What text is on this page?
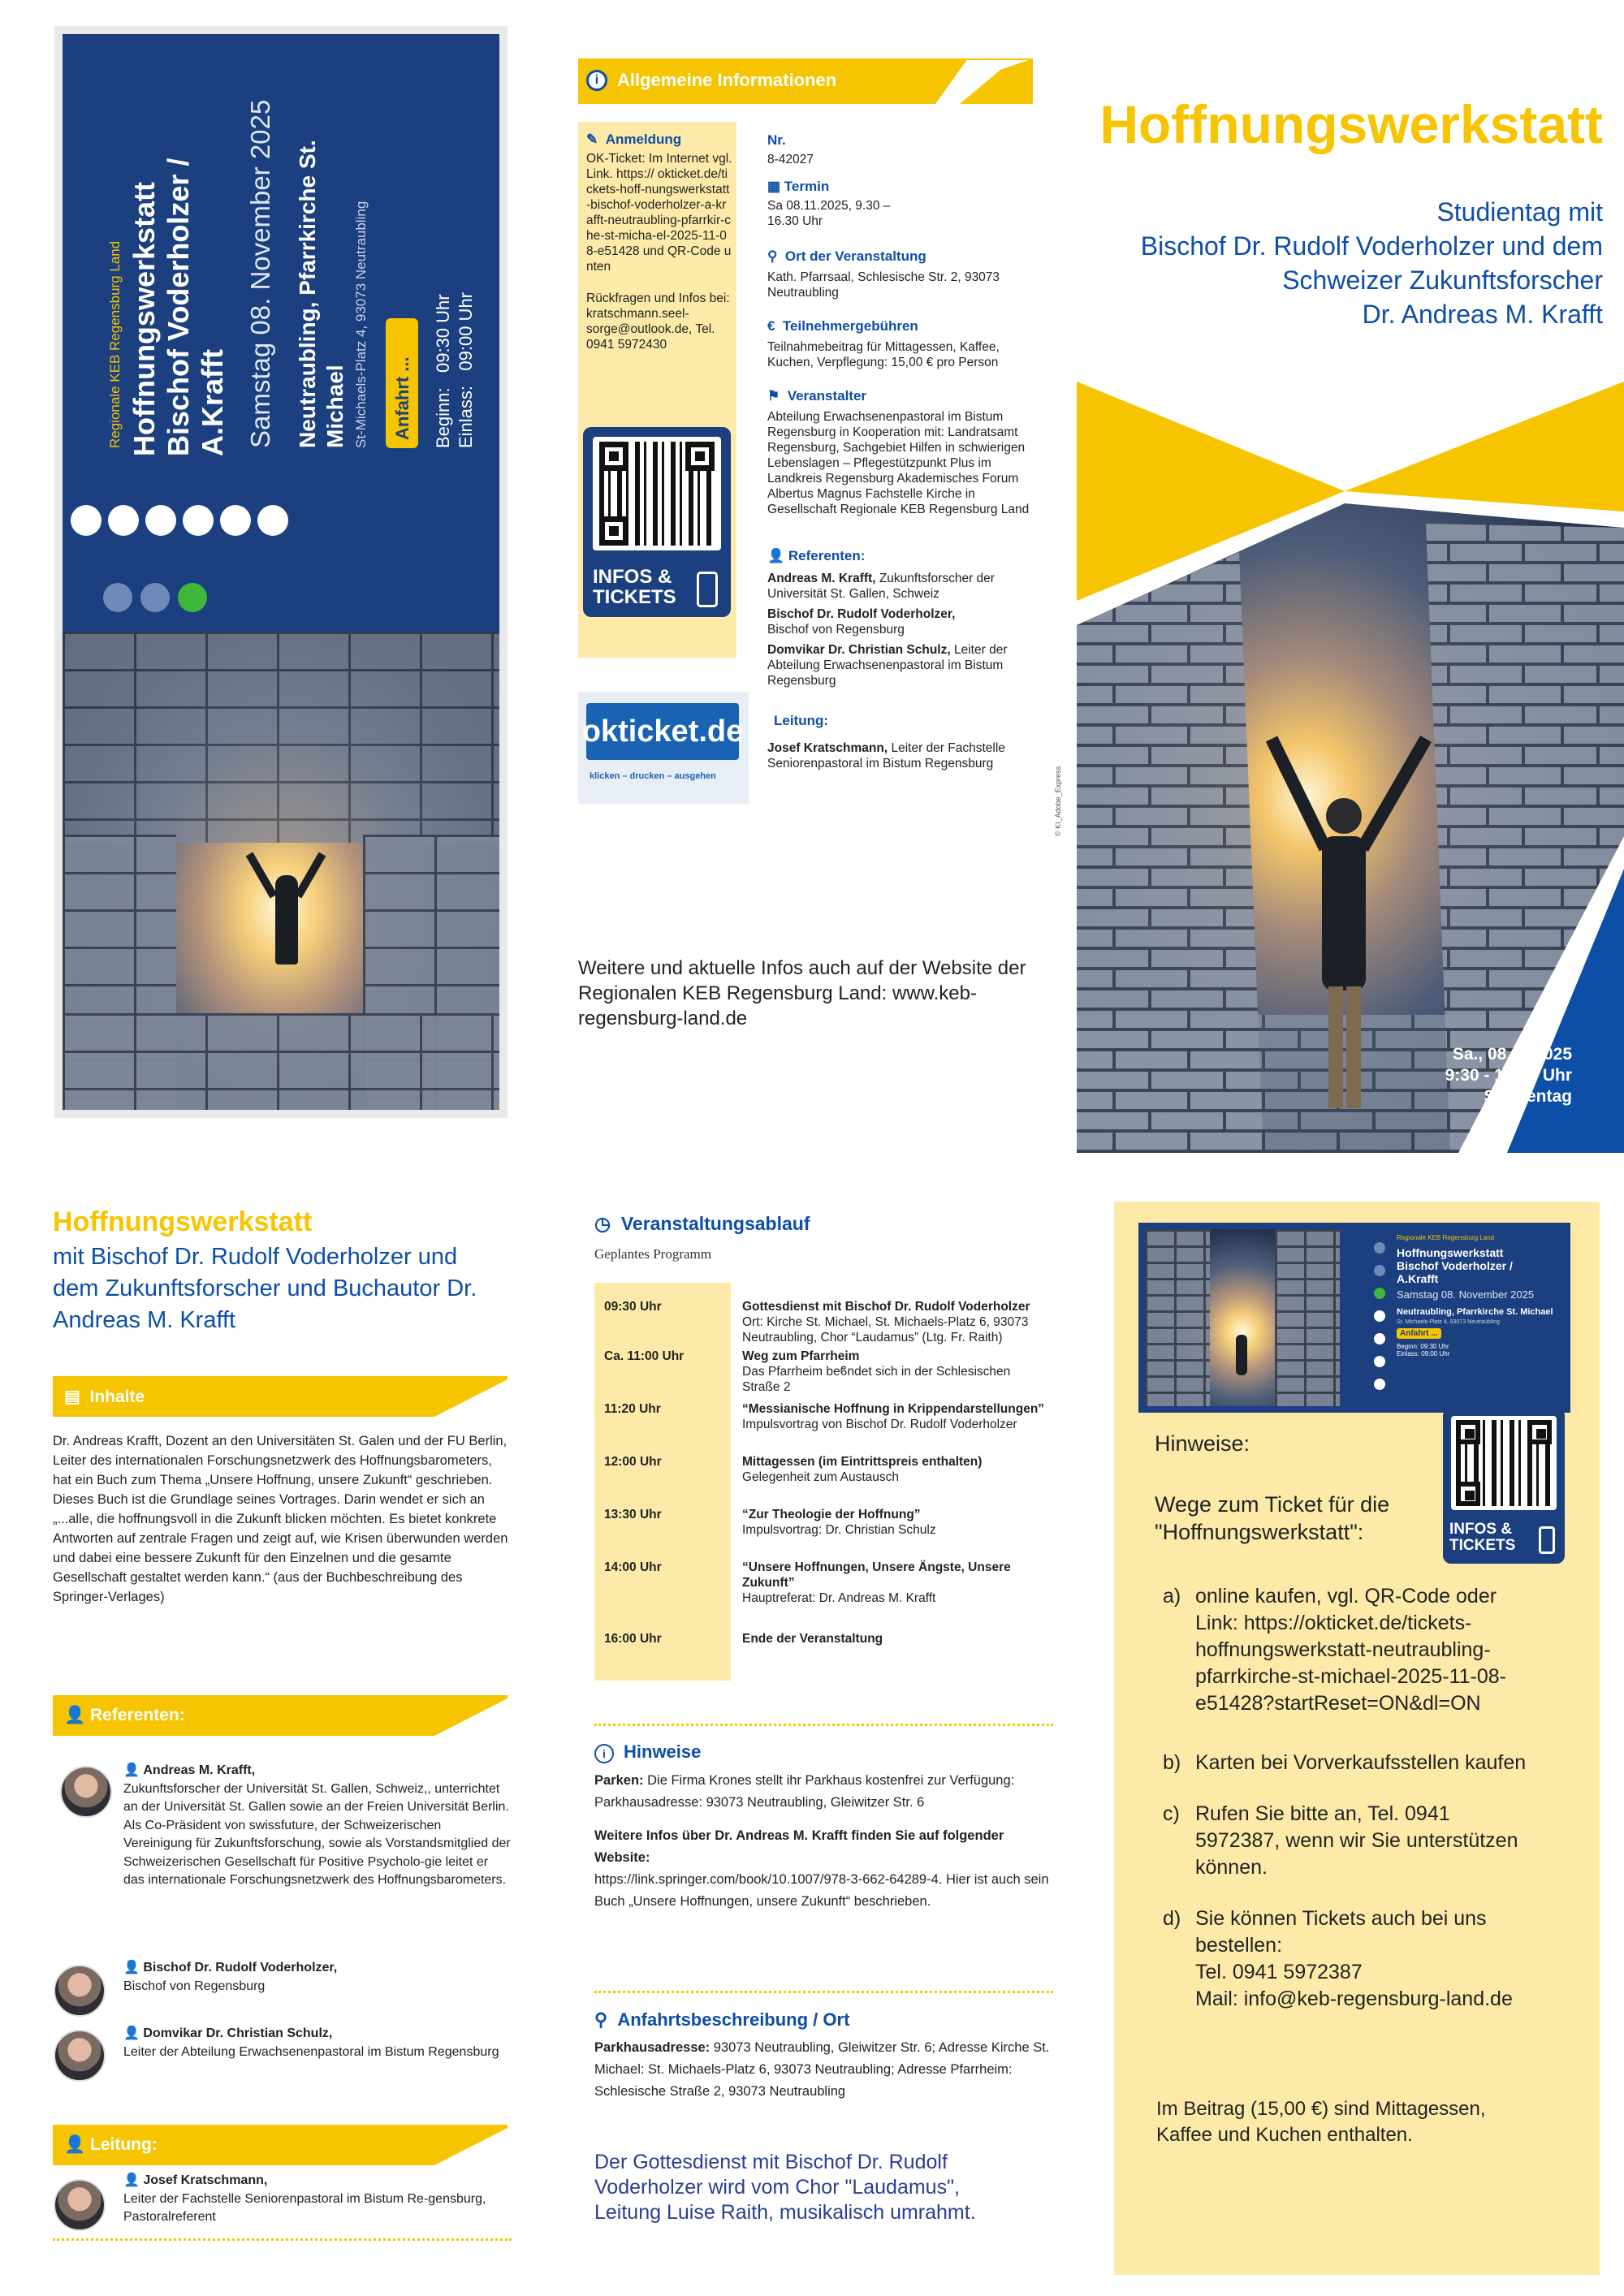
Regionale KEB Regensburg Land Hoffnungswerkstatt Bischof Voderholzer / A.Krafft Samstag 08. November 2025 Neutraubling, Pfarrkirche St. Michael St-Michaels-Platz 4, 93073 Neutraubling Anfahrt ... Beginn:   09:30 Uhr
Einlass:   09:00 Uhr
i	Allgemeine Informationen
✎ Anmeldung
OK-Ticket: Im Internet vgl. Link. https:// okticket.de/tickets-hoff-nungswerkstatt-bischof-voderholzer-a-krafft-neutraubling-pfarrkir-che-st-micha-el-2025-11-08-e51428 und QR-Code unten
Rückfragen und Infos bei: kratschmann.seel-sorge@outlook.de, Tel. 0941 5972430
INFOS &
TICKETS
okticket.de
klicken – drucken – ausgehen
Nr.
8-42027
▦ Termin
Sa 08.11.2025, 9.30 – 16.30 Uhr
⚲ Ort der Veranstaltung
Kath. Pfarrsaal, Schlesische Str. 2, 93073 Neutraubling
€ Teilnehmergebühren
Teilnahmebeitrag für Mittagessen, Kaffee, Kuchen, Verpflegung: 15,00 € pro Person
⚑ Veranstalter
Abteilung Erwachsenenpastoral im Bistum Regensburg in Kooperation mit: Landratsamt Regensburg, Sachgebiet Hilfen in schwierigen Lebenslagen – Pflegestützpunkt Plus im Landkreis Regensburg Akademisches Forum Albertus Magnus Fachstelle Kirche in Gesellschaft Regionale KEB Regensburg Land
👤 Referenten:
Andreas M. Krafft, Zukunftsforscher der Universität St. Gallen, Schweiz
Bischof Dr. Rudolf Voderholzer,
Bischof von Regensburg
Domvikar Dr. Christian Schulz, Leiter der Abteilung Erwachsenenpastoral im Bistum Regensburg
Leitung:
Josef Kratschmann, Leiter der Fachstelle Seniorenpastoral im Bistum Regensburg
© KI_Adobe_Express
Weitere und aktuelle Infos auch auf der Website der Regionalen KEB Regensburg Land: www.keb-regensburg-land.de
Hoffnungswerkstatt
Studientag mit
Bischof Dr. Rudolf Voderholzer und dem
Schweizer Zukunftsforscher
Dr. Andreas M. Krafft
Sa., 08.11.2025
9:30 - 16:30 Uhr
Studientag
Hoffnungswerkstatt
mit Bischof Dr. Rudolf Voderholzer und dem Zukunftsforscher und Buchautor Dr. Andreas M. Krafft
▤ Inhalte
Dr. Andreas Krafft, Dozent an den Universitäten St. Galen und der FU Berlin, Leiter des internationalen Forschungsnetzwerk des Hoffnungsbarometers, hat ein Buch zum Thema „Unsere Hoffnung, unsere Zukunft“ geschrieben. Dieses Buch ist die Grundlage seines Vortrages. Darin wendet er sich an „...alle, die hoffnungsvoll in die Zukunft blicken möchten. Es bietet konkrete Antworten auf zentrale Fragen und zeigt auf, wie Krisen überwunden werden und dabei eine bessere Zukunft für den Einzelnen und die gesamte Gesellschaft gestaltet werden kann.“ (aus der Buchbeschreibung des Springer-Verlages)
👤 Referenten:
👤 Andreas M. Krafft,
Zukunftsforscher der Universität St. Gallen, Schweiz,, unterrichtet an der Universität St. Gallen sowie an der Freien Universität Berlin. Als Co-Präsident von swissfuture, der Schweizerischen Vereinigung für Zukunftsforschung, sowie als Vorstandsmitglied der Schweizerischen Gesellschaft für Positive Psycholo-gie leitet er das internationale Forschungsnetzwerk des Hoffnungsbarometers.
👤 Bischof Dr. Rudolf Voderholzer,
Bischof von Regensburg
👤 Domvikar Dr. Christian Schulz,
Leiter der Abteilung Erwachsenenpastoral im Bistum Regensburg
👤 Leitung:
👤 Josef Kratschmann,
Leiter der Fachstelle Seniorenpastoral im Bistum Re-gensburg, Pastoralreferent
◷ Veranstaltungsablauf
Geplantes Programm
09:30 Uhr	Gottesdienst mit Bischof Dr. Rudolf Voderholzer
Ort: Kirche St. Michael, St. Michaels-Platz 6, 93073 Neutraubling, Chor “Laudamus” (Ltg. Fr. Raith)

Ca. 11:00 Uhr	Weg zum Pfarrheim
Das Pfarrheim beϐndet sich in der Schlesischen Straße 2

11:20 Uhr	“Messianische Hoffnung in Krippendarstellungen”
Impulsvortrag von Bischof Dr. Rudolf Voderholzer

12:00 Uhr	Mittagessen (im Eintrittspreis enthalten)
Gelegenheit zum Austausch

13:30 Uhr	“Zur Theologie der Hoffnung”
Impulsvortrag: Dr. Christian Schulz

14:00 Uhr	“Unsere Hoffnungen, Unsere Ängste, Unsere Zukunft”
Hauptreferat: Dr. Andreas M. Krafft

16:00 Uhr	Ende der Veranstaltung
i Hinweise
Parken: Die Firma Krones stellt ihr Parkhaus kostenfrei zur Verfügung: Parkhausadresse: 93073 Neutraubling, Gleiwitzer Str. 6
Weitere Infos über Dr. Andreas M. Krafft finden Sie auf folgender Website:
https://link.springer.com/book/10.1007/978-3-662-64289-4. Hier ist auch sein Buch „Unsere Hoffnungen, unsere Zukunft“ beschrieben.
⚲ Anfahrtsbeschreibung / Ort
Parkhausadresse: 93073 Neutraubling, Gleiwitzer Str. 6; Adresse Kirche St. Michael: St. Michaels-Platz 6, 93073 Neutraubling; Adresse Pfarrheim: Schlesische Straße 2, 93073 Neutraubling
Der Gottesdienst mit Bischof Dr. Rudolf Voderholzer wird vom Chor "Laudamus", Leitung Luise Raith, musikalisch umrahmt.
Regionale KEB Regensburg Land
Hoffnungswerkstatt
Bischof Voderholzer /
A.Krafft
Samstag 08. November 2025
Neutraubling, Pfarrkirche St. Michael
St. Michaels-Platz 4, 93073 Neutraubling
Anfahrt ...
Beginn: 09:30 Uhr
Einlass: 09:00 Uhr
INFOS &
TICKETS
Hinweise:
Wege zum Ticket für die "Hoffnungswerkstatt":
a) online kaufen, vgl. QR-Code oder Link: https://okticket.de/tickets-hoffnungswerkstatt-neutraubling-pfarrkirche-st-michael-2025-11-08-e51428?startReset=ON&dl=ON
b) Karten bei Vorverkaufsstellen kaufen
c) Rufen Sie bitte an, Tel. 0941 5972387, wenn wir Sie unterstützen können.
d) Sie können Tickets auch bei uns bestellen:
Tel. 0941 5972387
Mail: info@keb-regensburg-land.de
Im Beitrag (15,00 €) sind Mittagessen, Kaffee und Kuchen enthalten.
